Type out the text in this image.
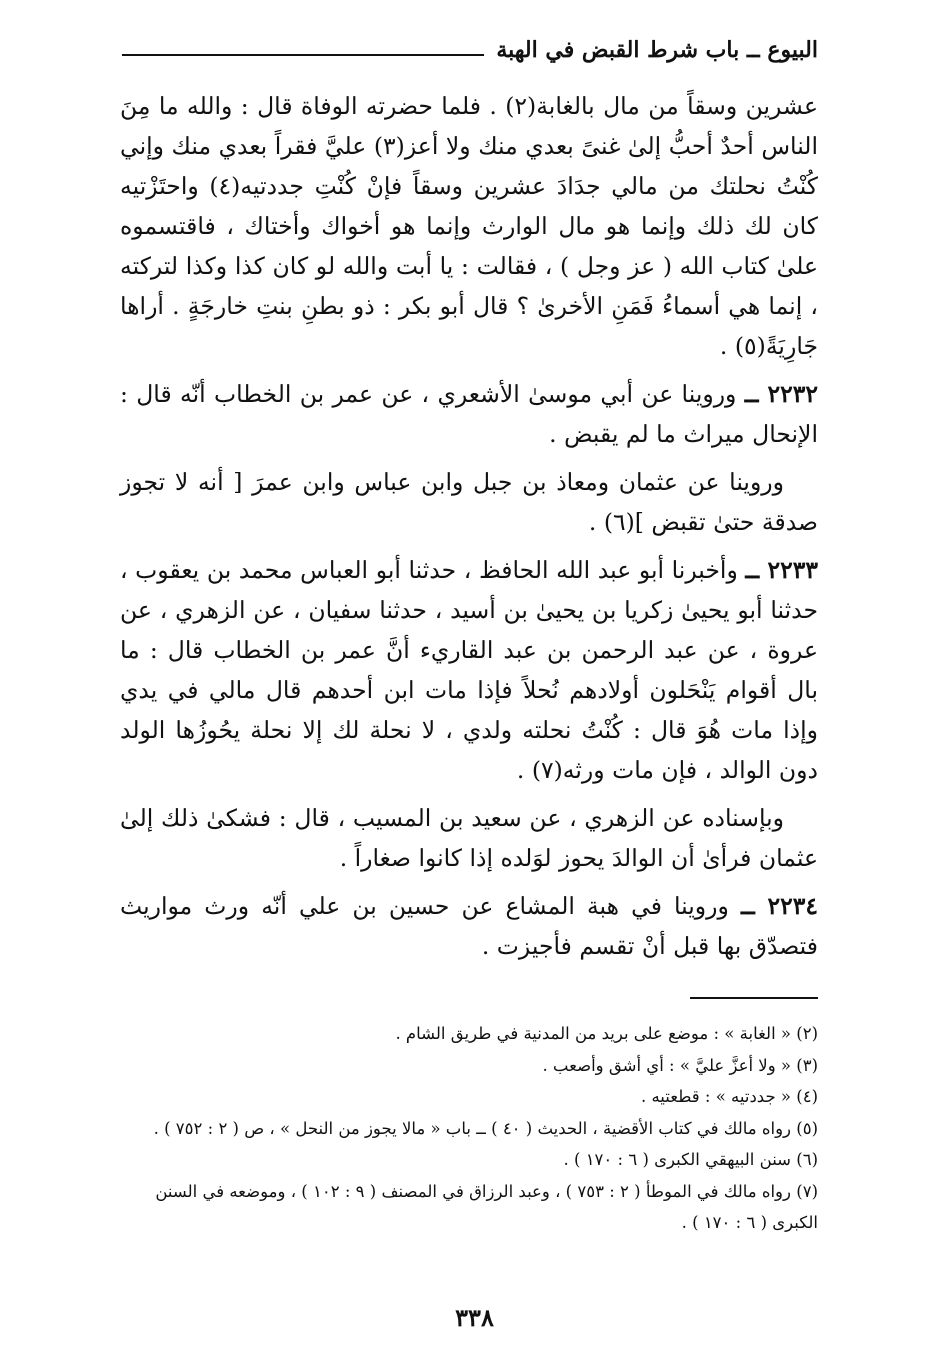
البيوع ــ باب شرط القبض في الهبة

عشرين وسقاً من مال بالغابة(٢) . فلما حضرته الوفاة قال : والله ما مِنَ الناس أحدٌ أحبُّ إلىٰ غنىً بعدي منك ولا أعز(٣) عليَّ فقراً بعدي منك وإني كُنْتُ نحلتك من مالي جدَادَ عشرين وسقاً فإنْ كُنْتِ جددتيه(٤) واحتَزْتيه كان لك ذلك وإنما هو مال الوارث وإنما هو أخواك وأختاك ، فاقتسموه علىٰ كتاب الله ( عز وجل ) ، فقالت : يا أبت والله لو كان كذا وكذا لتركته ، إنما هي أسماءُ فَمَنِ الأخرىٰ ؟ قال أبو بكر : ذو بطنِ بنتِ خارجَةٍ . أراها جَارِيَةً(٥) .

٢٢٣٢ ــ وروينا عن أبي موسىٰ الأشعري ، عن عمر بن الخطاب أنّه قال : الإنحال ميراث ما لم يقبض .

وروينا عن عثمان ومعاذ بن جبل وابن عباس وابن عمرَ [ أنه لا تجوز صدقة حتىٰ تقبض ](٦) .

٢٢٣٣ ــ وأخبرنا أبو عبد الله الحافظ ، حدثنا أبو العباس محمد بن يعقوب ، حدثنا أبو يحيىٰ زكريا بن يحيىٰ بن أسيد ، حدثنا سفيان ، عن الزهري ، عن عروة ، عن عبد الرحمن بن عبد القاريء أنَّ عمر بن الخطاب قال : ما بال أقوام يَنْحَلون أولادهم نُحلاً فإذا مات ابن أحدهم قال مالي في يدي وإذا مات هُوَ قال : كُنْتُ نحلته ولدي ، لا نحلة لك إلا نحلة يحُوزُها الولد دون الوالد ، فإن مات ورثه(٧) .

وبإسناده عن الزهري ، عن سعيد بن المسيب ، قال : فشكىٰ ذلك إلىٰ عثمان فرأىٰ أن الوالدَ يحوز لوَلده إذا كانوا صغاراً .

٢٢٣٤ ــ وروينا في هبة المشاع عن حسين بن علي أنّه ورث مواريث فتصدّق بها قبل أنْ تقسم فأجيزت .

(٢) « الغابة » : موضع على بريد من المدنية في طريق الشام .

(٣) « ولا أعزَّ عليَّ » : أي أشق وأصعب .

(٤) « جددتيه » : قطعتيه .

(٥) رواه مالك في كتاب الأقضية ، الحديث ( ٤٠ ) ــ باب « مالا يجوز من النحل » ، ص ( ٢ : ٧٥٢ ) .

(٦) سنن البيهقي الكبرى ( ٦ : ١٧٠ ) .

(٧) رواه مالك في الموطأ ( ٢ : ٧٥٣ ) ، وعبد الرزاق في المصنف ( ٩ : ١٠٢ ) ، وموضعه في السنن الكبرى ( ٦ : ١٧٠ ) .

٣٣٨
